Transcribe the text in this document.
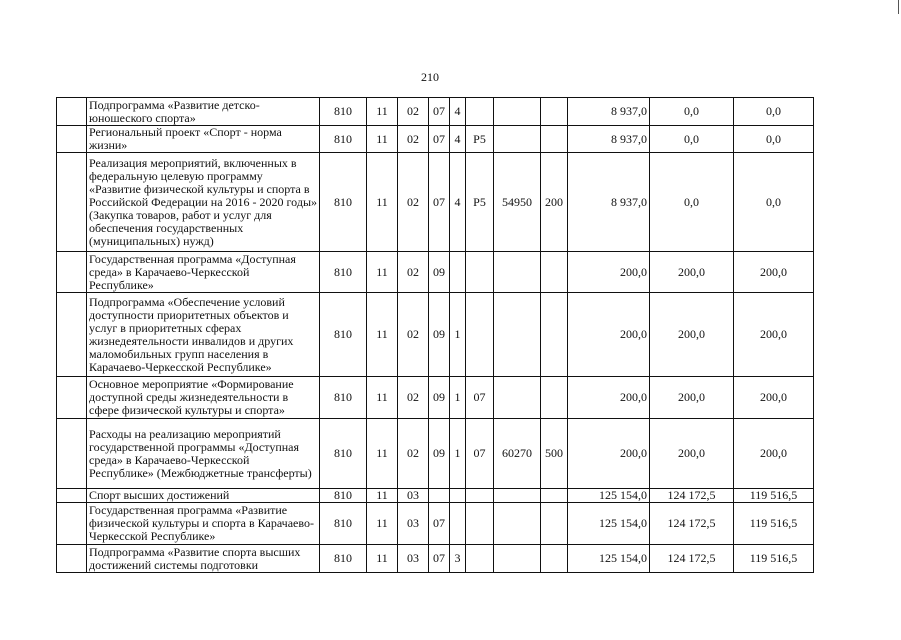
210
	Подпрограмма «Развитие детско-юношеского спорта»	810	11	02	07	4				8 937,0	0,0	0,0
	Региональный проект «Спорт - норма жизни»	810	11	02	07	4	P5			8 937,0	0,0	0,0
	Реализация мероприятий, включенных в федеральную целевую программу «Развитие физической культуры и спорта в Российской Федерации на 2016 - 2020 годы» (Закупка товаров, работ и услуг для обеспечения государственных (муниципальных) нужд)	810	11	02	07	4	P5	54950	200	8 937,0	0,0	0,0
	Государственная программа «Доступная среда» в Карачаево-Черкесской Республике»	810	11	02	09					200,0	200,0	200,0
	Подпрограмма «Обеспечение условий доступности приоритетных объектов и услуг в приоритетных сферах жизнедеятельности инвалидов и других маломобильных групп населения в Карачаево-Черкесской Республике»	810	11	02	09	1				200,0	200,0	200,0
	Основное мероприятие «Формирование доступной среды жизнедеятельности в сфере физической культуры и спорта»	810	11	02	09	1	07			200,0	200,0	200,0
	Расходы на реализацию мероприятий государственной программы «Доступная среда» в Карачаево-Черкесской Республике» (Межбюджетные трансферты)	810	11	02	09	1	07	60270	500	200,0	200,0	200,0
	Спорт высших достижений	810	11	03						125 154,0	124 172,5	119 516,5
	Государственная программа «Развитие физической культуры и спорта в Карачаево-Черкесской Республике»	810	11	03	07					125 154,0	124 172,5	119 516,5
	Подпрограмма «Развитие спорта высших достижений системы подготовки	810	11	03	07	3				125 154,0	124 172,5	119 516,5
